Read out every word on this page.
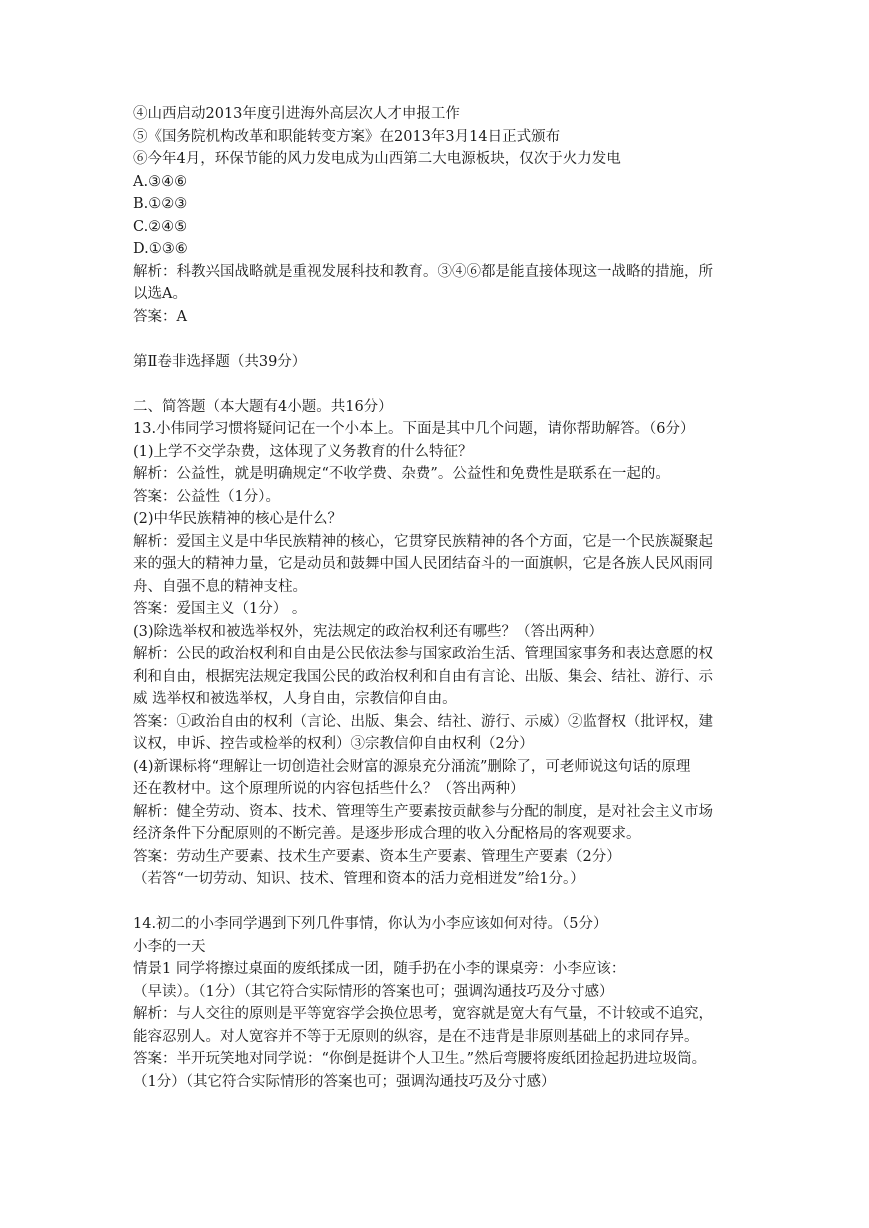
④山西启动2013年度引进海外高层次人才申报工作
⑤《国务院机构改革和职能转变方案》在2013年3月14日正式颁布
⑥今年4月，环保节能的风力发电成为山西第二大电源板块，仅次于火力发电
A.③④⑥
B.①②③
C.②④⑤
D.①③⑥
解析：科教兴国战略就是重视发展科技和教育。③④⑥都是能直接体现这一战略的措施，所
以选A。
答案：A
第Ⅱ卷非选择题（共39分）
二、简答题（本大题有4小题。共16分）
13.小伟同学习惯将疑问记在一个小本上。下面是其中几个问题，请你帮助解答。（6分）
(1)上学不交学杂费，这体现了义务教育的什么特征？
解析：公益性，就是明确规定“不收学费、杂费”。公益性和免费性是联系在一起的。
答案：公益性（1分）。
(2)中华民族精神的核心是什么？
解析：爱国主义是中华民族精神的核心，它贯穿民族精神的各个方面，它是一个民族凝聚起
来的强大的精神力量，它是动员和鼓舞中国人民团结奋斗的一面旗帜，它是各族人民风雨同
舟、自强不息的精神支柱。
答案：爱国主义（1分） 。
(3)除选举权和被选举权外，宪法规定的政治权利还有哪些？（答出两种）
解析：公民的政治权利和自由是公民依法参与国家政治生活、管理国家事务和表达意愿的权
利和自由，根据宪法规定我国公民的政治权利和自由有言论、出版、集会、结社、游行、示
威 选举权和被选举权，人身自由，宗教信仰自由。
答案：①政治自由的权利（言论、出版、集会、结社、游行、示威）②监督权（批评权，建
议权，申诉、控告或检举的权利）③宗教信仰自由权利（2分）
(4)新课标将“理解让一切创造社会财富的源泉充分涌流”删除了，可老师说这句话的原理
还在教材中。这个原理所说的内容包括些什么？（答出两种）
解析：健全劳动、资本、技术、管理等生产要素按贡献参与分配的制度，是对社会主义市场
经济条件下分配原则的不断完善。是逐步形成合理的收入分配格局的客观要求。
答案：劳动生产要素、技术生产要素、资本生产要素、管理生产要素（2分）
（若答“一切劳动、知识、技术、管理和资本的活力竞相迸发”给1分。）
14.初二的小李同学遇到下列几件事情，你认为小李应该如何对待。（5分）
小李的一天
情景1 同学将擦过桌面的废纸揉成一团，随手扔在小李的课桌旁：小李应该：
（早读）。（1分）（其它符合实际情形的答案也可；强调沟通技巧及分寸感）
解析：与人交往的原则是平等宽容学会换位思考，宽容就是宽大有气量，不计较或不追究，
能容忍别人。对人宽容并不等于无原则的纵容，是在不违背是非原则基础上的求同存异。
答案：半开玩笑地对同学说：“你倒是挺讲个人卫生。”然后弯腰将废纸团捡起扔进垃圾筒。
（1分）（其它符合实际情形的答案也可；强调沟通技巧及分寸感）
